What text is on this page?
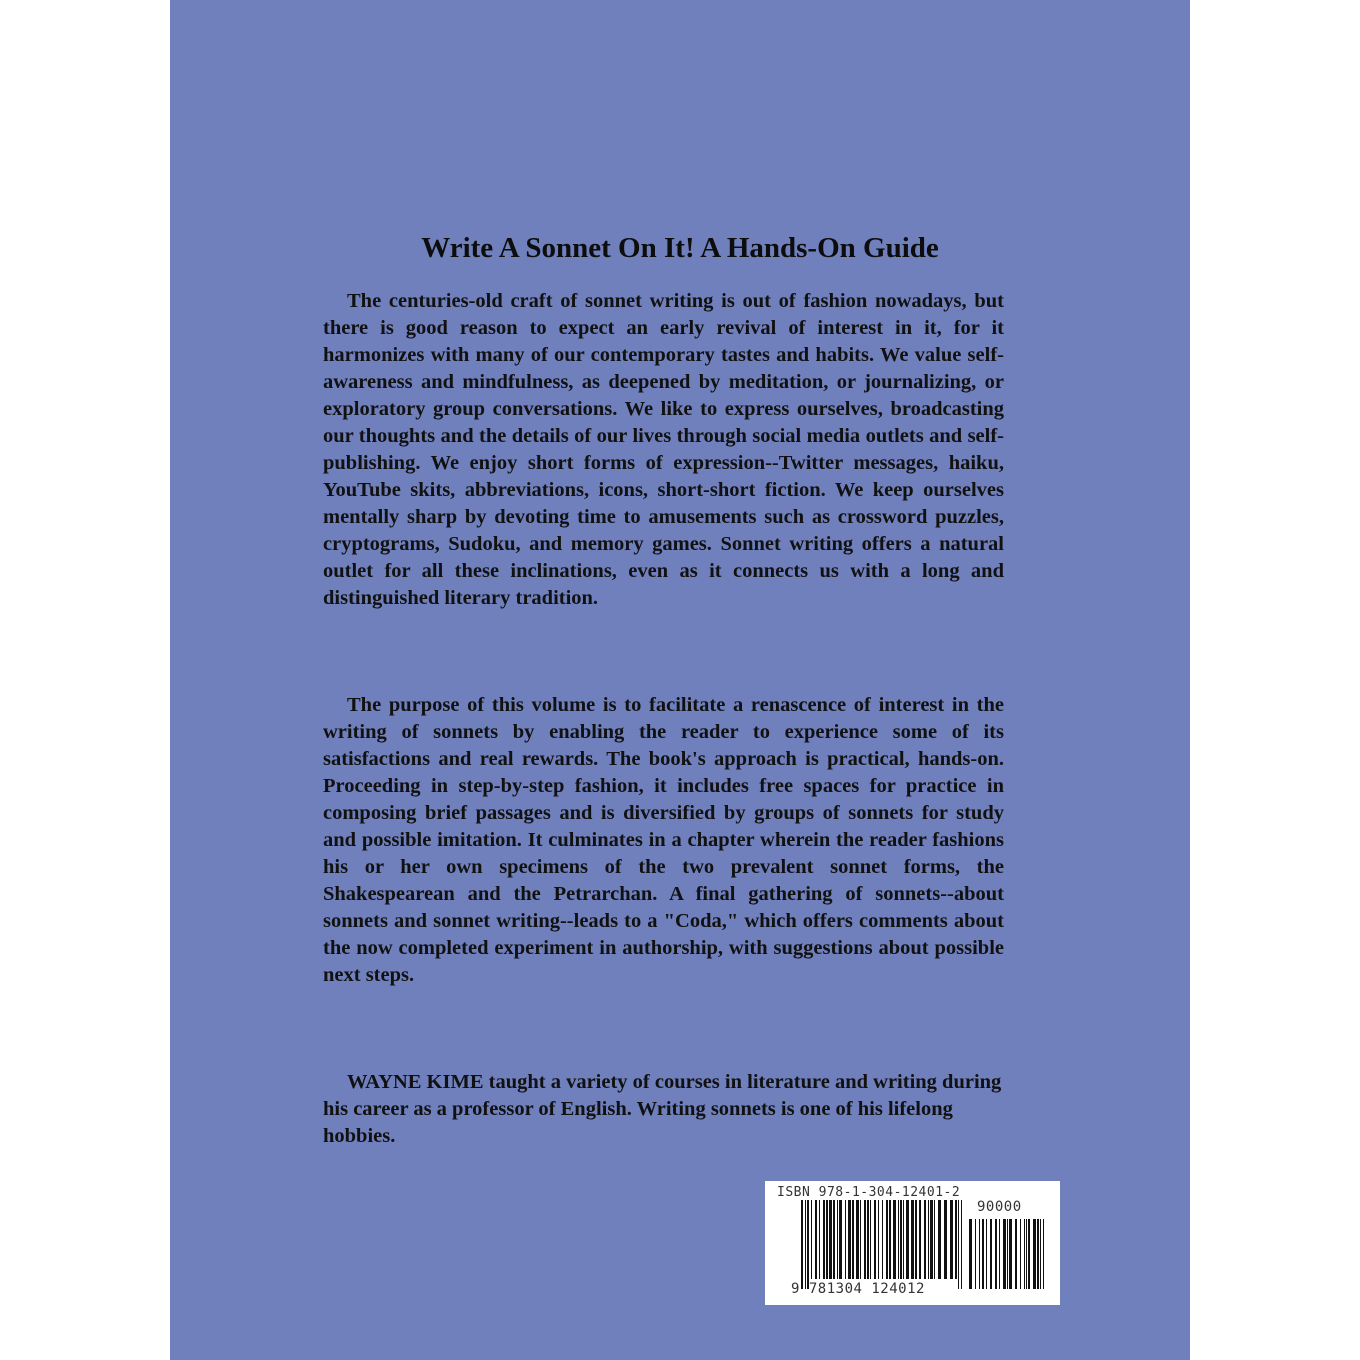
Write A Sonnet On It! A Hands-On Guide

The centuries-old craft of sonnet writing is out of fashion nowadays, but there is good reason to expect an early revival of interest in it, for it harmonizes with many of our contemporary tastes and habits. We value self-awareness and mindfulness, as deepened by meditation, or journalizing, or exploratory group conversations. We like to express ourselves, broadcasting our thoughts and the details of our lives through social media outlets and self-publishing. We enjoy short forms of expression--Twitter messages, haiku, YouTube skits, abbreviations, icons, short-short fiction. We keep ourselves mentally sharp by devoting time to amusements such as crossword puzzles, cryptograms, Sudoku, and memory games. Sonnet writing offers a natural outlet for all these inclinations, even as it connects us with a long and distinguished literary tradition.

The purpose of this volume is to facilitate a renascence of interest in the writing of sonnets by enabling the reader to experience some of its satisfactions and real rewards. The book's approach is practical, hands-on. Proceeding in step-by-step fashion, it includes free spaces for practice in composing brief passages and is diversified by groups of sonnets for study and possible imitation. It culminates in a chapter wherein the reader fashions his or her own specimens of the two prevalent sonnet forms, the Shakespearean and the Petrarchan. A final gathering of sonnets--about sonnets and sonnet writing--leads to a "Coda," which offers comments about the now completed experiment in authorship, with suggestions about possible next steps.

WAYNE KIME taught a variety of courses in literature and writing during his career as a professor of English. Writing sonnets is one of his lifelong hobbies.

ISBN 978-1-304-12401-2
90000
9 781304 124012
